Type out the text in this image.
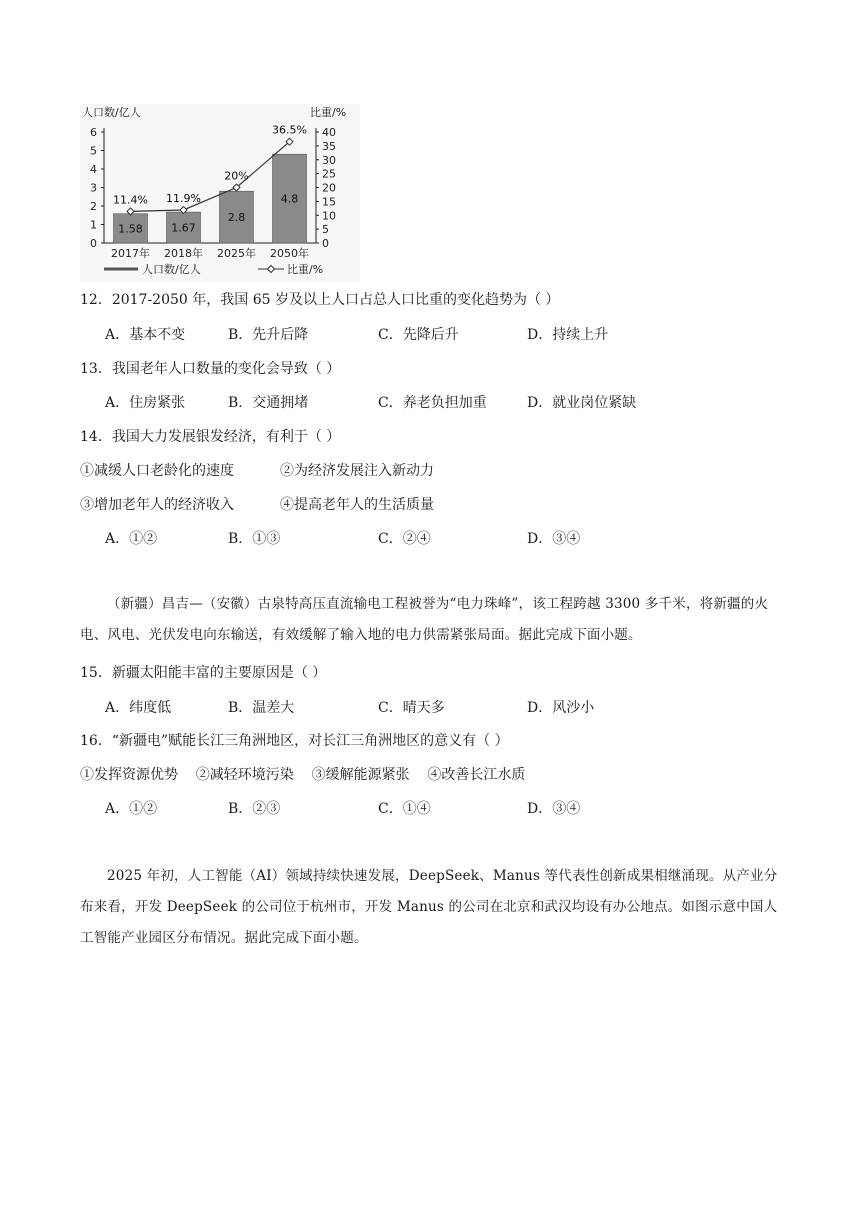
人口数/亿人	比重/%
0
1
2
3
4
5
6
0
5
10
15
20
25
30
35
40
1.58
2017年
1.67
2018年
2.8
2025年
4.8
2050年
11.4% 11.9%
20%
36.5%
人口数/亿人	比重/%
12．2017-2050 年，我国 65 岁及以上人口占总人口比重的变化趋势为（ ）
A．基本不变	B．先升后降	C．先降后升	D．持续上升
13．我国老年人口数量的变化会导致（ ）
A．住房紧张	B．交通拥堵	C．养老负担加重	D．就业岗位紧缺
14．我国大力发展银发经济，有利于（ ）
①减缓人口老龄化的速度	②为经济发展注入新动力
③增加老年人的经济收入	④提高老年人的生活质量
A．①②	B．①③	C．②④	D．③④

（新疆）昌吉—（安徽）古泉特高压直流输电工程被誉为“电力珠峰”，该工程跨越 3300 多千米，将新疆的火电、风电、光伏发电向东输送，有效缓解了输入地的电力供需紧张局面。据此完成下面小题。

15．新疆太阳能丰富的主要原因是（ ）
A．纬度低	B．温差大	C．晴天多	D．风沙小
16．“新疆电”赋能长江三角洲地区，对长江三角洲地区的意义有（ ）
①发挥资源优势    ②减轻环境污染    ③缓解能源紧张    ④改善长江水质
A．①②	B．②③	C．①④	D．③④

2025 年初，人工智能（AI）领域持续快速发展，DeepSeek、Manus 等代表性创新成果相继涌现。从产业分布来看，开发 DeepSeek 的公司位于杭州市，开发 Manus 的公司在北京和武汉均设有办公地点。如图示意中国人工智能产业园区分布情况。据此完成下面小题。
